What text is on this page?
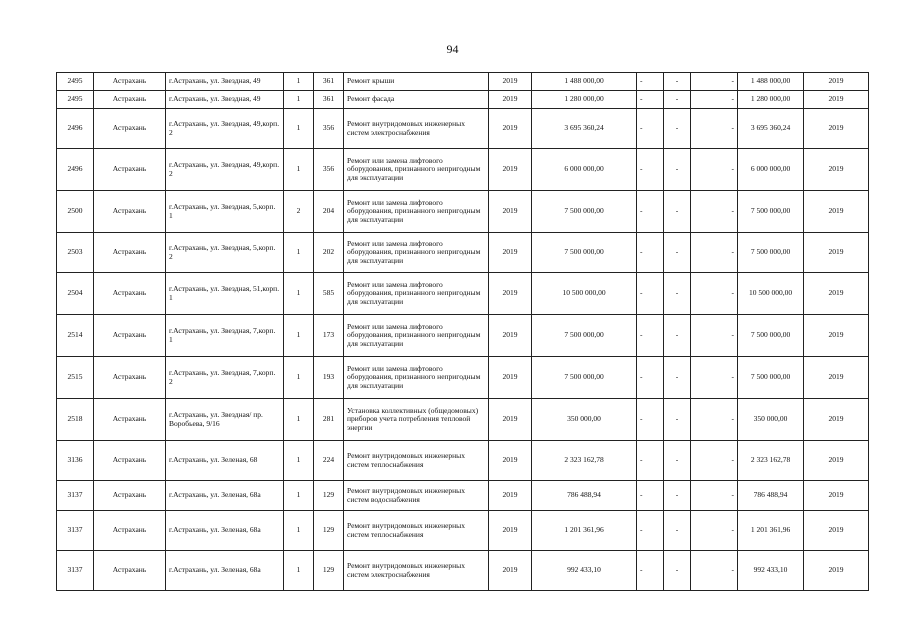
94
2495	Астрахань	г.Астрахань, ул. Звездная, 49	1	361	Ремонт крыши	2019	1 488 000,00	-	-	-	1 488 000,00	2019
2495	Астрахань	г.Астрахань, ул. Звездная, 49	1	361	Ремонт фасада	2019	1 280 000,00	-	-	-	1 280 000,00	2019
2496	Астрахань	г.Астрахань, ул. Звездная, 49,корп. 2	1	356	Ремонт внутридомовых инженерных систем электроснабжения	2019	3 695 360,24	-	-	-	3 695 360,24	2019
2496	Астрахань	г.Астрахань, ул. Звездная, 49,корп. 2	1	356	Ремонт или замена лифтового оборудования, признанного непригодным для эксплуатации	2019	6 000 000,00	-	-	-	6 000 000,00	2019
2500	Астрахань	г.Астрахань, ул. Звездная, 5,корп. 1	2	204	Ремонт или замена лифтового оборудования, признанного непригодным для эксплуатации	2019	7 500 000,00	-	-	-	7 500 000,00	2019
2503	Астрахань	г.Астрахань, ул. Звездная, 5,корп. 2	1	202	Ремонт или замена лифтового оборудования, признанного непригодным для эксплуатации	2019	7 500 000,00	-	-	-	7 500 000,00	2019
2504	Астрахань	г.Астрахань, ул. Звездная, 51,корп. 1	1	585	Ремонт или замена лифтового оборудования, признанного непригодным для эксплуатации	2019	10 500 000,00	-	-	-	10 500 000,00	2019
2514	Астрахань	г.Астрахань, ул. Звездная, 7,корп. 1	1	173	Ремонт или замена лифтового оборудования, признанного непригодным для эксплуатации	2019	7 500 000,00	-	-	-	7 500 000,00	2019
2515	Астрахань	г.Астрахань, ул. Звездная, 7,корп. 2	1	193	Ремонт или замена лифтового оборудования, признанного непригодным для эксплуатации	2019	7 500 000,00	-	-	-	7 500 000,00	2019
2518	Астрахань	г.Астрахань, ул. Звездная/ пр. Воробьева, 9/16	1	281	Установка коллективных (общедомовых) приборов учета потребления тепловой энергии	2019	350 000,00	-	-	-	350 000,00	2019
3136	Астрахань	г.Астрахань, ул. Зеленая, 68	1	224	Ремонт внутридомовых инженерных систем теплоснабжения	2019	2 323 162,78	-	-	-	2 323 162,78	2019
3137	Астрахань	г.Астрахань, ул. Зеленая, 68а	1	129	Ремонт внутридомовых инженерных систем водоснабжения	2019	786 488,94	-	-	-	786 488,94	2019
3137	Астрахань	г.Астрахань, ул. Зеленая, 68а	1	129	Ремонт внутридомовых инженерных систем теплоснабжения	2019	1 201 361,96	-	-	-	1 201 361,96	2019
3137	Астрахань	г.Астрахань, ул. Зеленая, 68а	1	129	Ремонт внутридомовых инженерных систем электроснабжения	2019	992 433,10	-	-	-	992 433,10	2019
